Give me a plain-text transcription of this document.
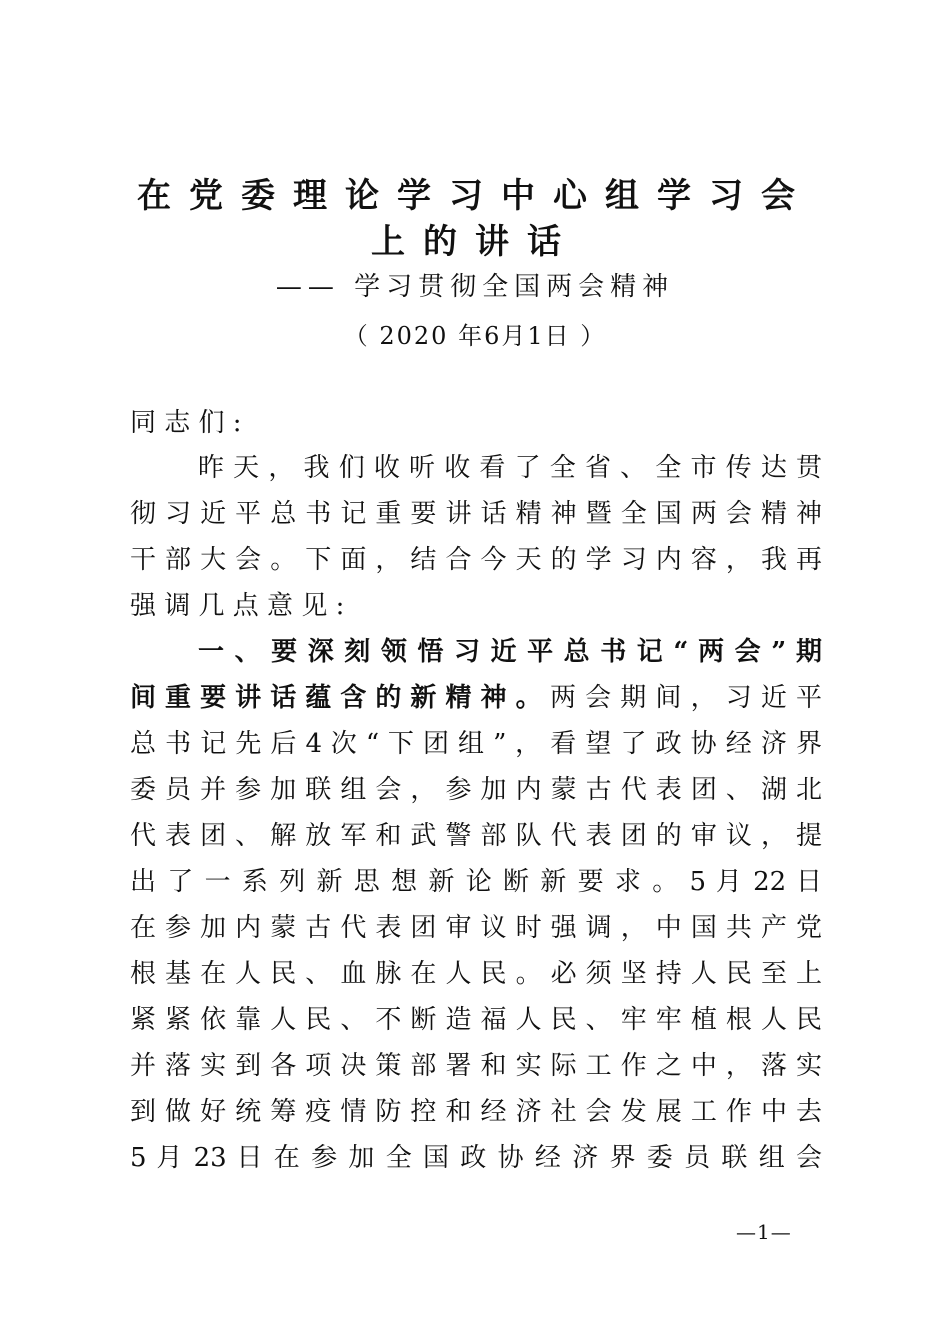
在党委理论学习中心组学习会
上的讲话

—— 学习贯彻全国两会精神

（ 2020 年6月1日 ）

同 志 们 :

昨 天 ， 我 们 收 听 收 看 了 全 省 、 全 市 传 达 贯

彻 习 近 平 总 书 记 重 要 讲 话 精 神 暨 全 国 两 会 精 神

干 部 大 会 。 下 面 ， 结 合 今 天 的 学 习 内 容 ， 我 再

强 调 几 点 意 见 :

一 、 要 深 刻 领 悟 习 近 平 总 书 记 “ 两 会 ” 期

间 重 要 讲 话 蕴 含 的 新 精 神 。 两 会 期 间 ， 习 近 平

总 书 记 先 后 4 次 “ 下 团 组 ” ， 看 望 了 政 协 经 济 界

委 员 并 参 加 联 组 会 ， 参 加 内 蒙 古 代 表 团 、 湖 北

代 表 团 、 解 放 军 和 武 警 部 队 代 表 团 的 审 议 ， 提

出 了 一 系 列 新 思 想 新 论 断 新 要 求 。 5 月 22 日

在 参 加 内 蒙 古 代 表 团 审 议 时 强 调 ， 中 国 共 产 党

根 基 在 人 民 、 血 脉 在 人 民 。 必 须 坚 持 人 民 至 上

紧 紧 依 靠 人 民 、 不 断 造 福 人 民 、 牢 牢 植 根 人 民

并 落 实 到 各 项 决 策 部 署 和 实 际 工 作 之 中 ， 落 实

到 做 好 统 筹 疫 情 防 控 和 经 济 社 会 发 展 工 作 中 去

5 月 23 日 在 参 加 全 国 政 协 经 济 界 委 员 联 组 会

—1—
